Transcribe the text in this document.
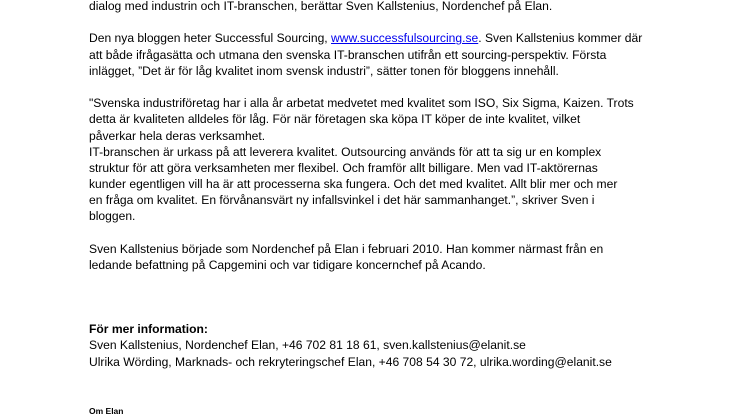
dialog med industrin och IT-branschen, berättar Sven Kallstenius, Nordenchef på Elan.
Den nya bloggen heter Successful Sourcing, www.successfulsourcing.se. Sven Kallstenius kommer där
att både ifrågasätta och utmana den svenska IT-branschen utifrån ett sourcing-perspektiv. Första
inlägget, ”Det är för låg kvalitet inom svensk industri”, sätter tonen för bloggens innehåll.
"Svenska industriföretag har i alla år arbetat medvetet med kvalitet som ISO, Six Sigma, Kaizen. Trots
detta är kvaliteten alldeles för låg. För när företagen ska köpa IT köper de inte kvalitet, vilket
påverkar hela deras verksamhet.
IT-branschen är urkass på att leverera kvalitet. Outsourcing används för att ta sig ur en komplex
struktur för att göra verksamheten mer flexibel. Och framför allt billigare. Men vad IT-aktörernas
kunder egentligen vill ha är att processerna ska fungera. Och det med kvalitet. Allt blir mer och mer
en fråga om kvalitet. En förvånansvärt ny infallsvinkel i det här sammanhanget.”, skriver Sven i
bloggen.
Sven Kallstenius började som Nordenchef på Elan i februari 2010. Han kommer närmast från en
ledande befattning på Capgemini och var tidigare koncernchef på Acando.
För mer information:
Sven Kallstenius, Nordenchef Elan, +46 702 81 18 61, sven.kallstenius@elanit.se
Ulrika Wörding, Marknads- och rekryteringschef Elan, +46 708 54 30 72, ulrika.wording@elanit.se
Om Elan
